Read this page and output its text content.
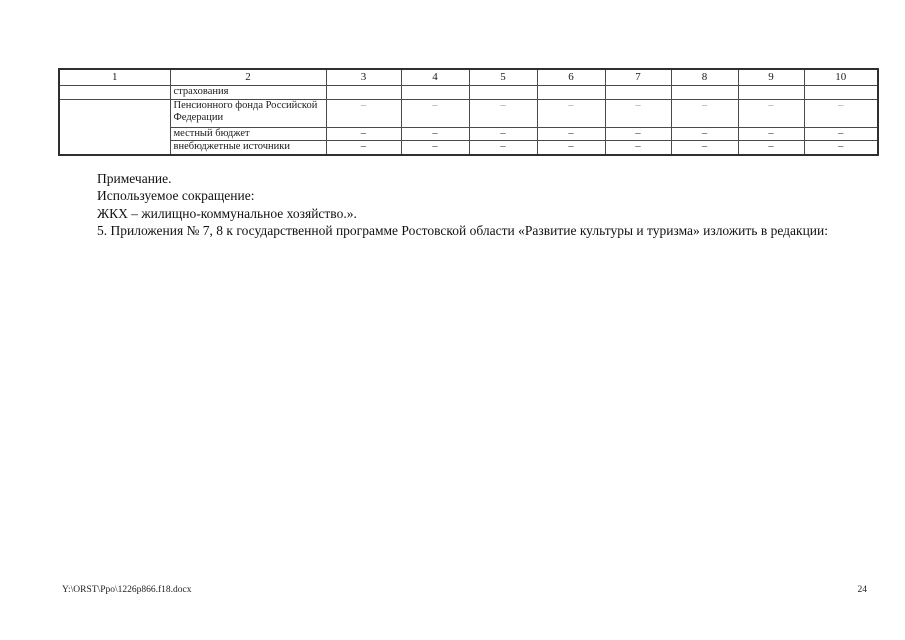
1	2	3	4	5	6	7	8	9	10
	страхования								
	Пенсионного фонда Российской Федерации	–	–	–	–	–	–	–	–
	местный бюджет	–	–	–	–	–	–	–	–
	внебюджетные источники	–	–	–	–	–	–	–	–

Примечание.

Используемое сокращение:

ЖКХ – жилищно-коммунальное хозяйство.».

5. Приложения № 7, 8 к государственной программе Ростовской области «Развитие культуры и туризма» изложить в редакции:

Y:\ORST\Ppo\1226p866.f18.docx	24
